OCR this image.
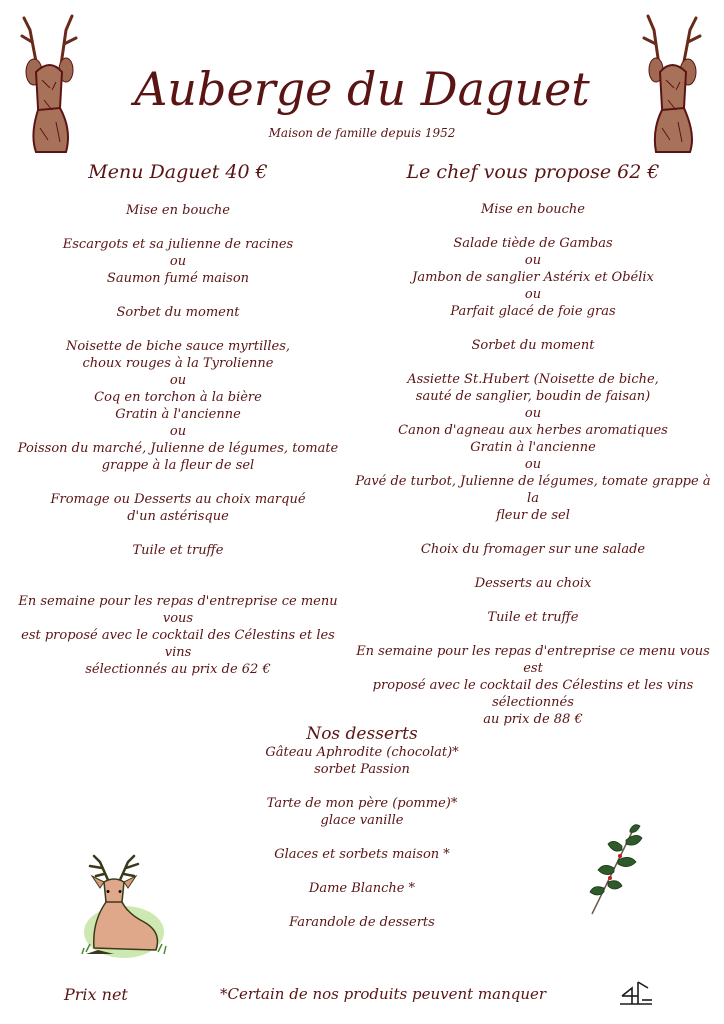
Auberge du Daguet
Maison de famille depuis 1952

Menu Daguet 40 €

Mise en bouche

Escargots et sa julienne de racines

ou

Saumon fumé maison

Sorbet du moment

Noisette de biche sauce myrtilles,

choux rouges à la Tyrolienne

ou

Coq en torchon à la bière

Gratin à l'ancienne

ou

Poisson du marché, Julienne de légumes, tomate

grappe à la fleur de sel

Fromage ou Desserts au choix marqué

d'un astérisque

Tuile et truffe

En semaine pour les repas d'entreprise ce menu vous

est proposé avec le cocktail des Célestins et les vins

sélectionnés au prix de 62 €

Le chef vous propose 62 €

Mise en bouche

Salade tiède de Gambas

ou

Jambon de sanglier Astérix et Obélix

ou

Parfait glacé de foie gras

Sorbet du moment

Assiette St.Hubert (Noisette de biche,

sauté de sanglier, boudin de faisan)

ou

Canon d'agneau aux herbes aromatiques

Gratin à l'ancienne

ou

Pavé de turbot, Julienne de légumes, tomate grappe à la

fleur de sel

Choix du fromager sur une salade

Desserts au choix

Tuile et truffe

En semaine pour les repas d'entreprise ce menu vous est

proposé avec le cocktail des Célestins et les vins sélectionnés

au prix de 88 €

Nos desserts

Gâteau Aphrodite (chocolat)*

sorbet Passion

Tarte de mon père (pomme)*

glace vanille

Glaces et sorbets maison *

Dame Blanche *

Farandole de desserts

Prix net	*Certain de nos produits peuvent manquer
